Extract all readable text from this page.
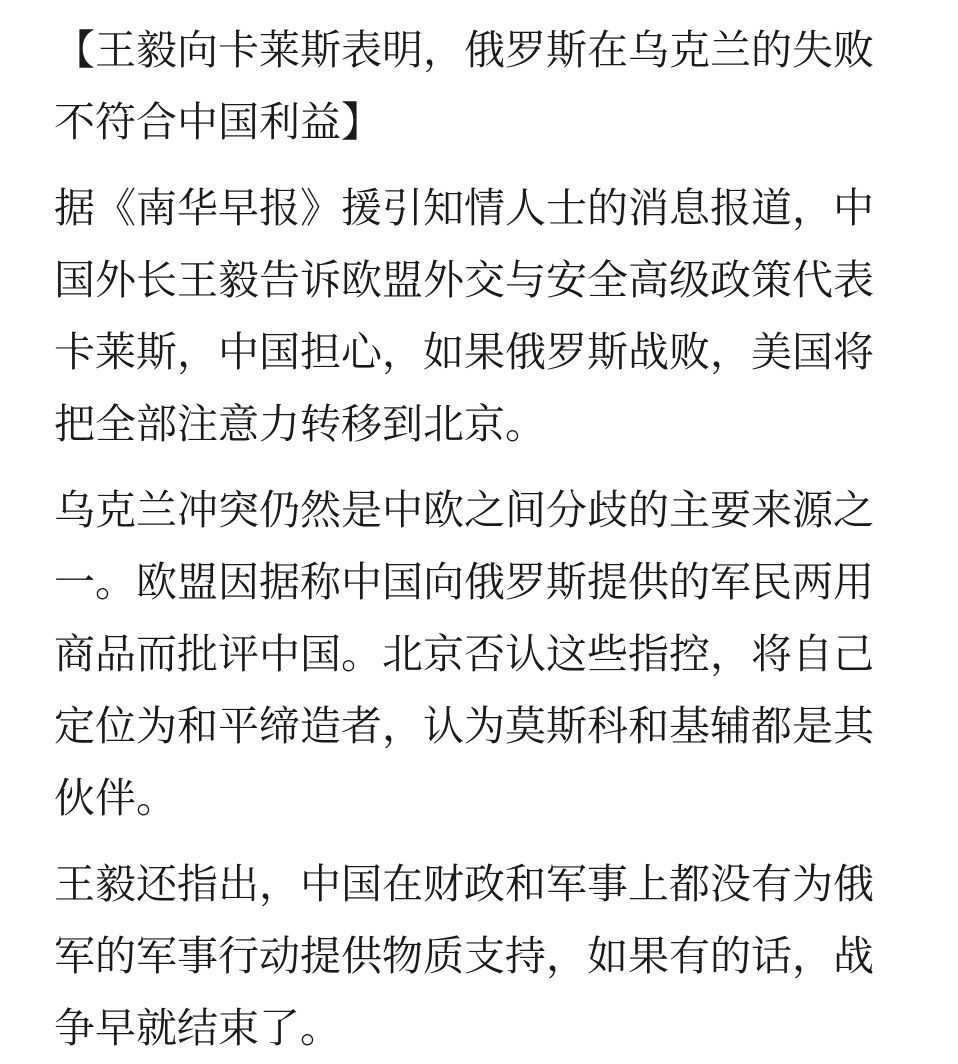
【王毅向卡莱斯表明，俄罗斯在乌克兰的失败不符合中国利益】

据《南华早报》援引知情人士的消息报道，中国外长王毅告诉欧盟外交与安全高级政策代表卡莱斯，中国担心，如果俄罗斯战败，美国将把全部注意力转移到北京。

乌克兰冲突仍然是中欧之间分歧的主要来源之一。欧盟因据称中国向俄罗斯提供的军民两用商品而批评中国。北京否认这些指控，将自己定位为和平缔造者，认为莫斯科和基辅都是其伙伴。

王毅还指出，中国在财政和军事上都没有为俄军的军事行动提供物质支持，如果有的话，战争早就结束了。
